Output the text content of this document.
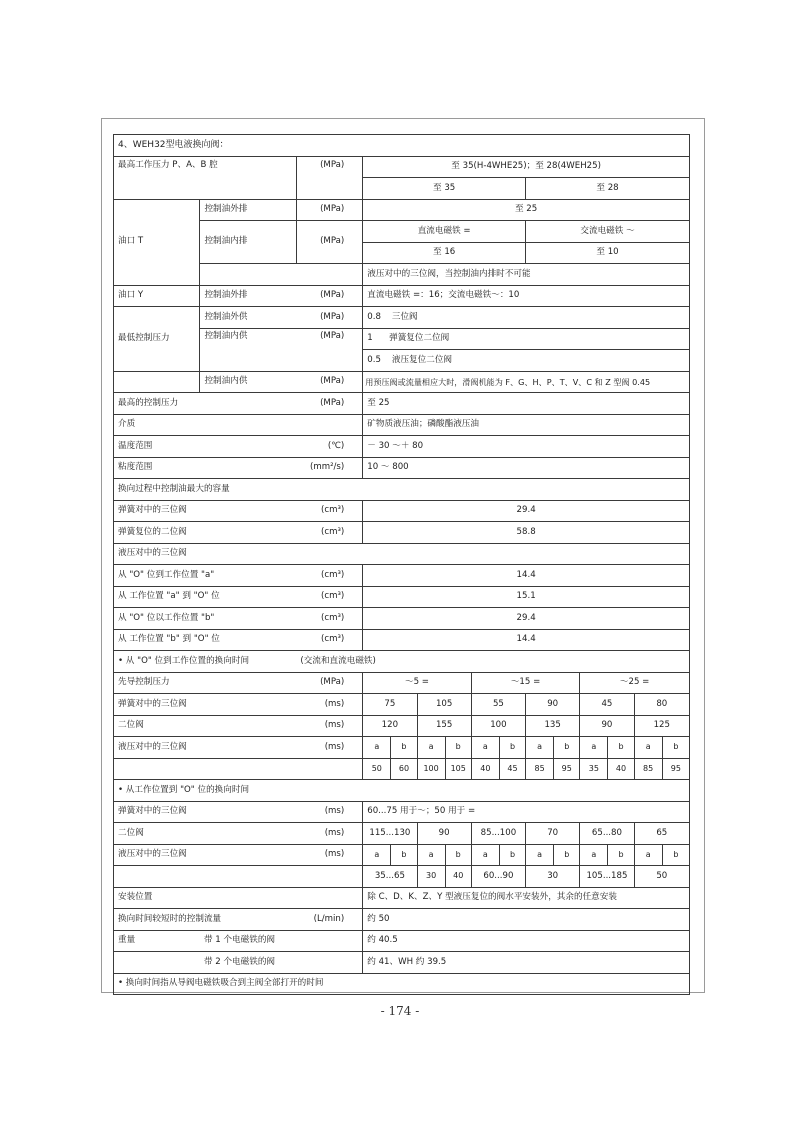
4、WEH32型电液换向阀：														
最高工作压力 P、A、B 腔		(MPa)	至 35(H-4WHE25)；至 28(4WEH25)											
			至 35						至 28					
油口 T	控制油外排	(MPa)	至 25											
	控制油内排	(MPa)	直流电磁铁 =						交流电磁铁 ～					
			至 16						至 10					
			液压对中的三位阀，当控制油内排时不可能											
油口 Y	控制油外排	(MPa)	直流电磁铁 =：16；交流电磁铁～：10											
最低控制压力	控制油外供	(MPa)	0.8    三位阀											
	控制油内供	(MPa)	1      弹簧复位二位阀											
			0.5    液压复位二位阀											
	控制油内供	(MPa)	用预压阀或流量相应大时，滑阀机能为 F、G、H、P、T、V、C 和 Z 型阀 0.45											
最高的控制压力		(MPa)	至 25											
介质			矿物质液压油；磷酸酯液压油											
温度范围		(℃)	－ 30 ～＋ 80											
粘度范围		(mm²/s)	10 ～ 800											
换向过程中控制油最大的容量														
弹簧对中的三位阀		(cm³)	29.4											
弹簧复位的二位阀		(cm³)	58.8											
液压对中的三位阀														
从 "O" 位到工作位置 "a"		(cm³)	14.4											
从 工作位置 "a" 到 "O" 位		(cm³)	15.1											
从 "O" 位以工作位置 "b"		(cm³)	29.4											
从 工作位置 "b" 到 "O" 位		(cm³)	14.4											
• 从 "O" 位到工作位置的换向时间		(交流和直流电磁铁)												
先导控制压力		(MPa)	～5 =				～15 =				～25 =			
弹簧对中的三位阀		(ms)	75		105		55		90		45		80	
二位阀		(ms)	120		155		100		135		90		125	
液压对中的三位阀		(ms)	a	b	a	b	a	b	a	b	a	b	a	b
			50	60	100	105	40	45	85	95	35	40	85	95
• 从工作位置到 "O" 位的换向时间														
弹簧对中的三位阀		(ms)	60...75 用于～；50 用于 =											
二位阀		(ms)	115...130		90		85...100		70		65...80		65	
液压对中的三位阀		(ms)	a	b	a	b	a	b	a	b	a	b	a	b
			35...65		30	40	60...90		30		105...185		50	
安装位置			除 C、D、K、Z、Y 型液压复位的阀水平安装外，其余的任意安装											
换向时间较短时的控制流量		(L/min)	约 50											
重量	带 1 个电磁铁的阀		约 40.5											
	带 2 个电磁铁的阀		约 41、WH 约 39.5											
• 换向时间指从导阀电磁铁吸合到主阀全部打开的时间														
- 174 -
